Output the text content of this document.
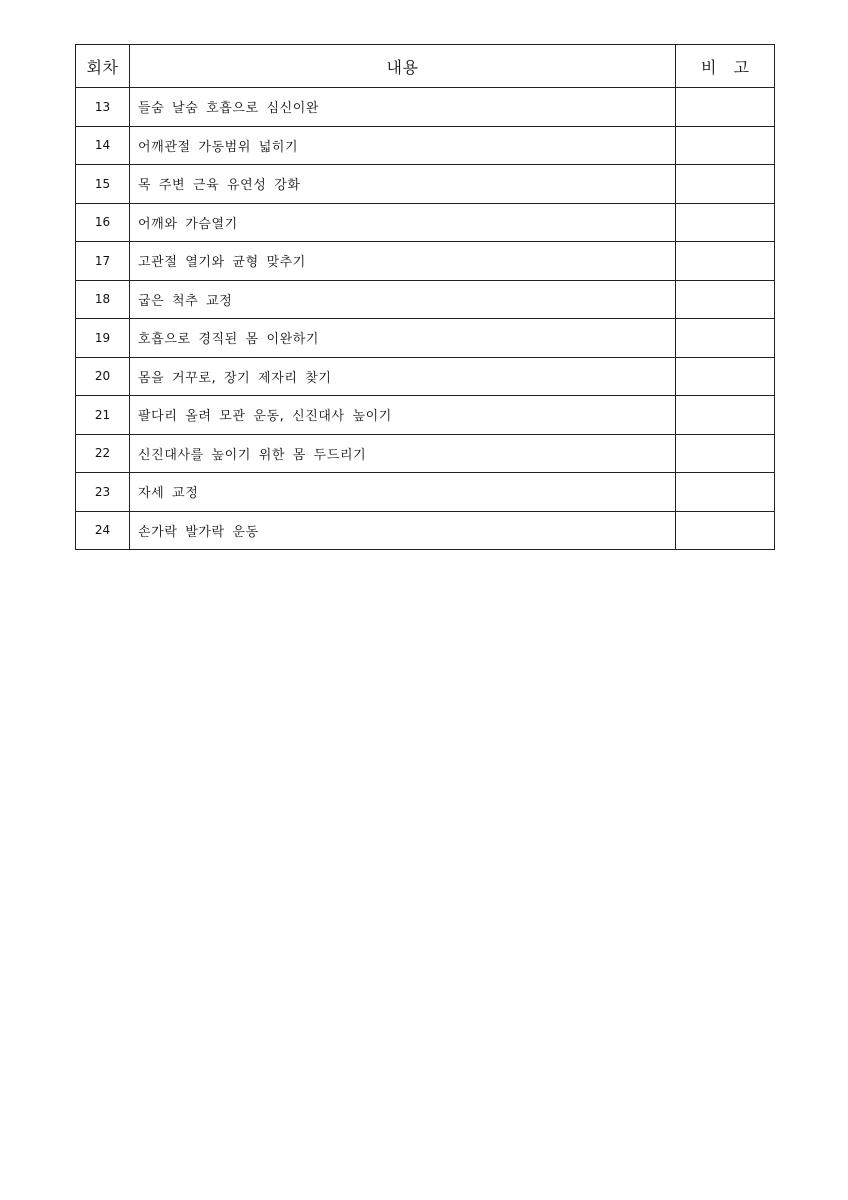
회차	내용	비 고
13	들숨 날숨 호흡으로 심신이완	
14	어깨관절 가동범위 넓히기	
15	목 주변 근육 유연성 강화	
16	어깨와 가슴열기	
17	고관절 열기와 균형 맞추기	
18	굽은 척추 교정	
19	호흡으로 경직된 몸 이완하기	
20	몸을 거꾸로, 장기 제자리 찾기	
21	팔다리 올려 모관 운동, 신진대사 높이기	
22	신진대사를 높이기 위한 몸 두드리기	
23	자세 교정	
24	손가락 발가락 운동	
